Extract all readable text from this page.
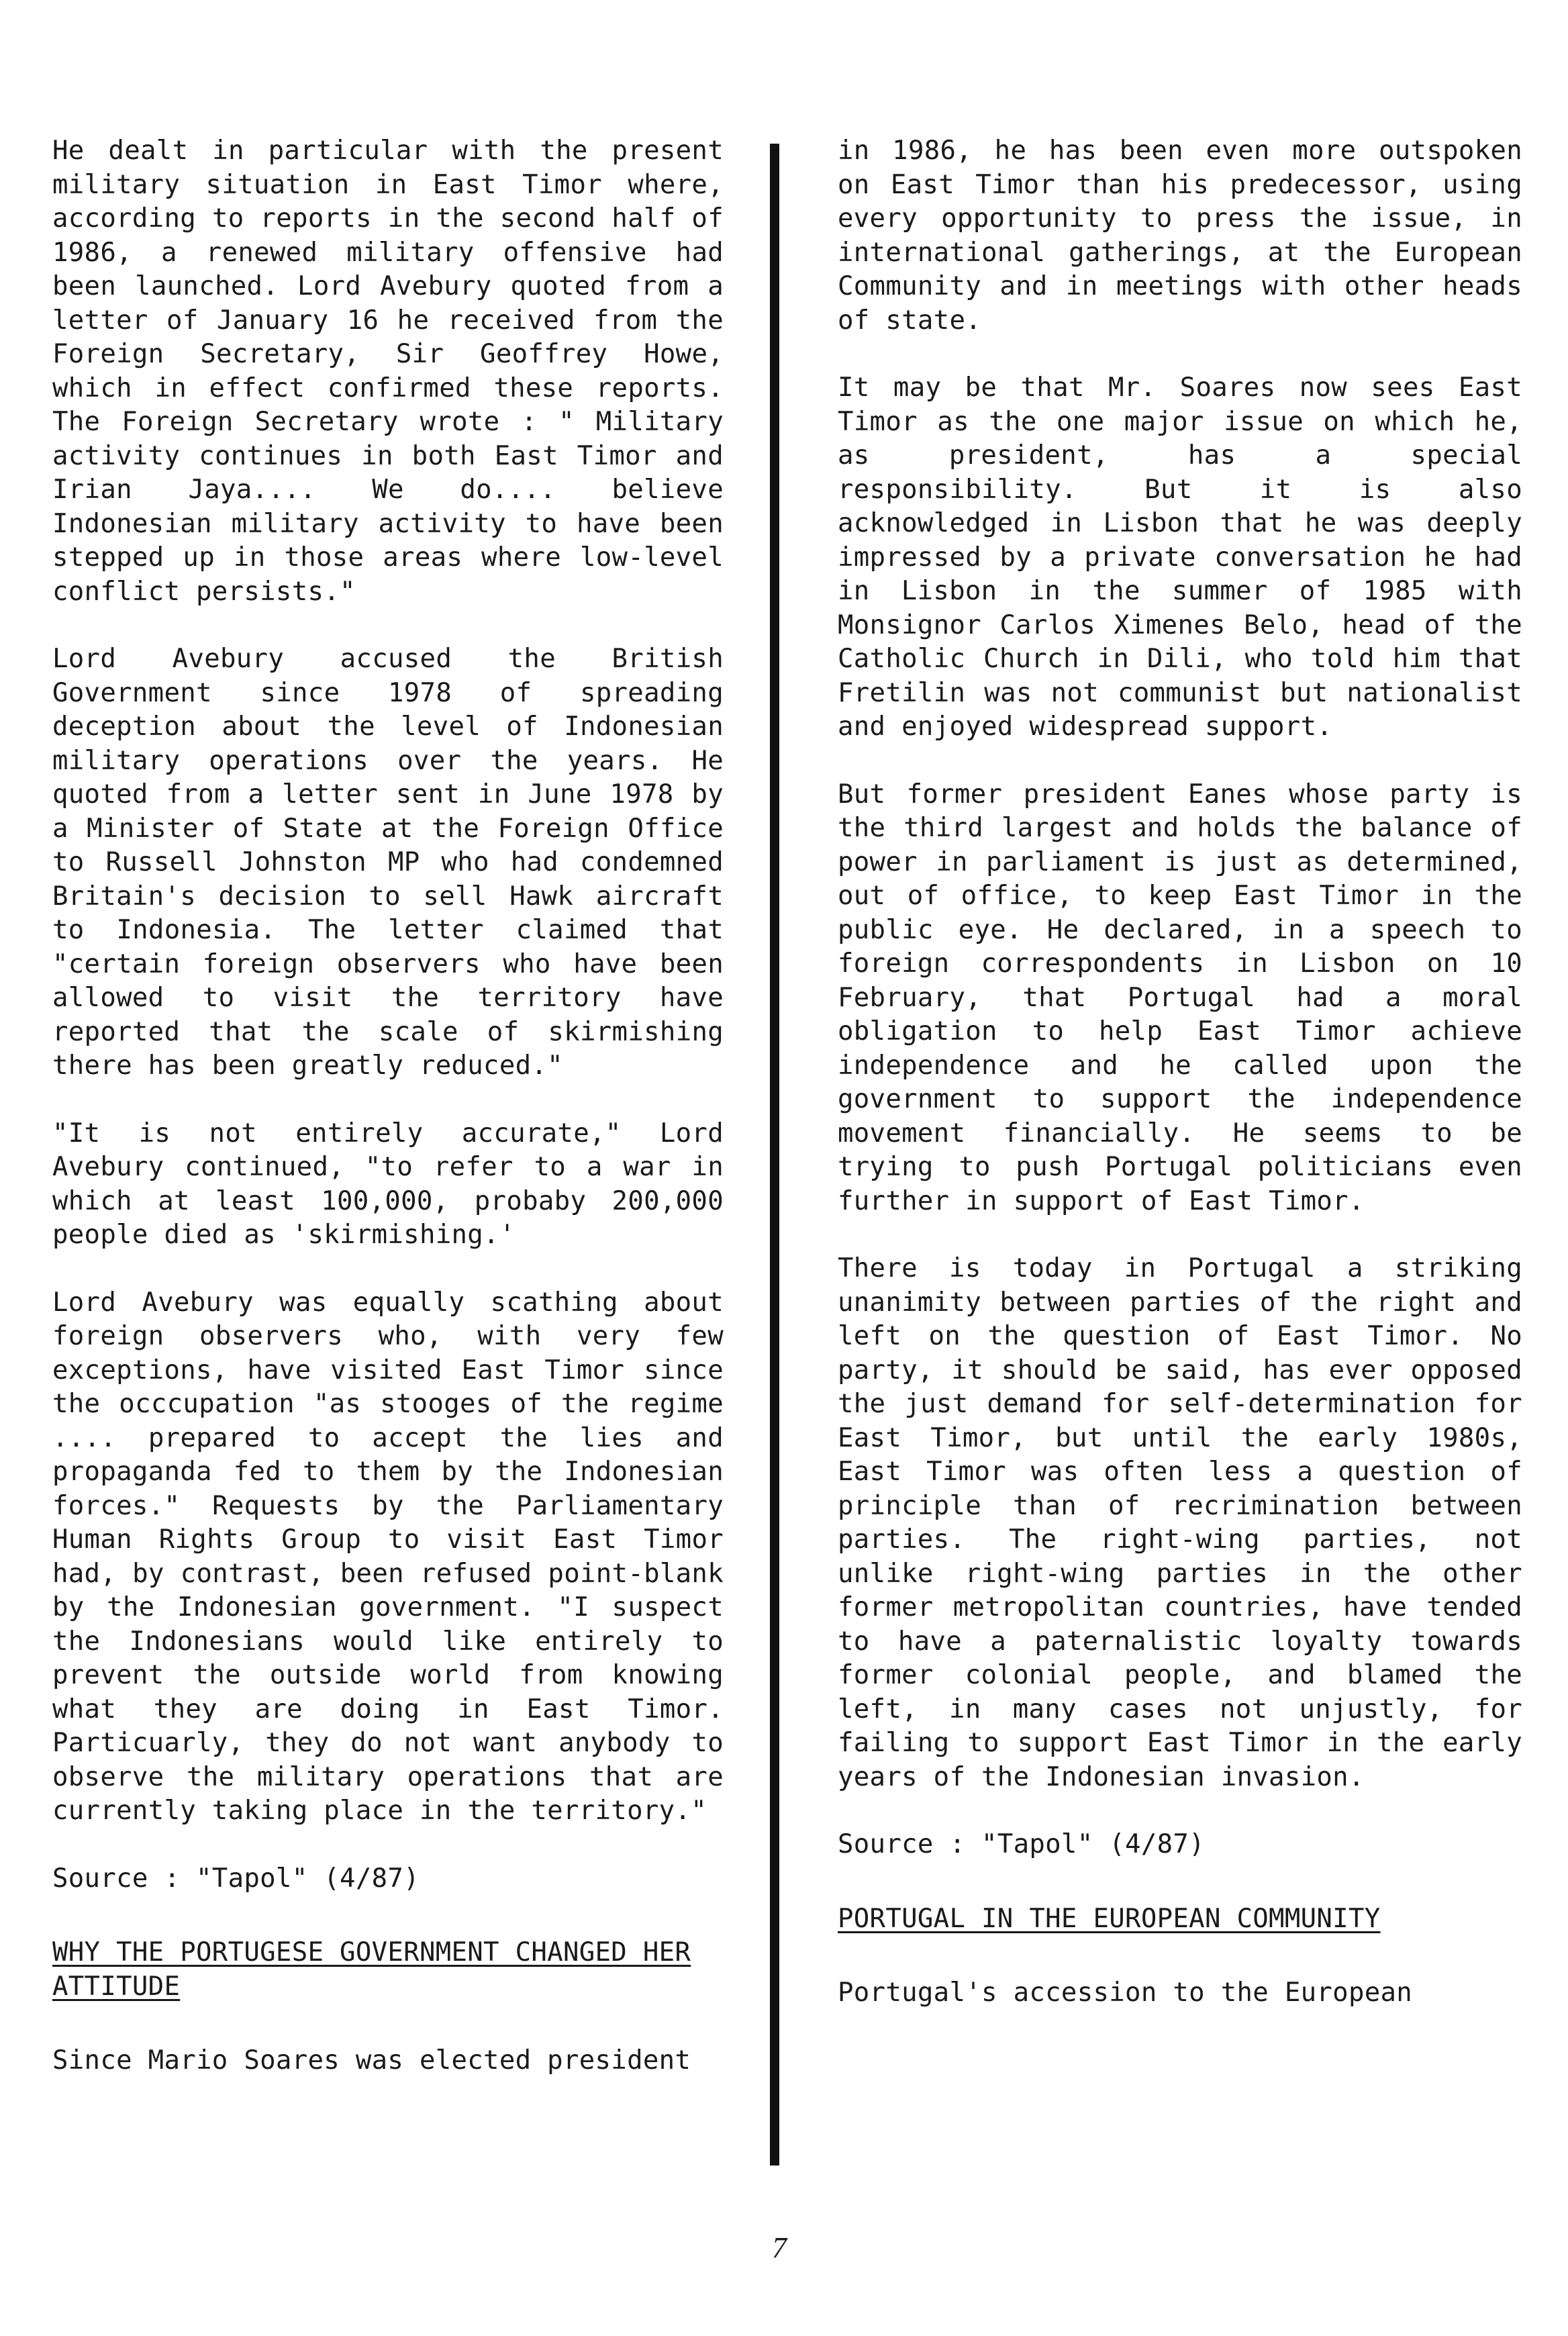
He dealt in particular with the present military situation in East Timor where, according to reports in the second half of 1986, a renewed military offensive had been launched. Lord Avebury quoted from a letter of January 16 he received from the Foreign Secretary, Sir Geoffrey Howe, which in effect confirmed these reports. The Foreign Secretary wrote : " Military activity continues in both East Timor and Irian Jaya.... We do.... believe Indonesian military activity to have been stepped up in those areas where low-level conflict persists."

Lord Avebury accused the British Government since 1978 of spreading deception about the level of Indonesian military operations over the years. He quoted from a letter sent in June 1978 by a Minister of State at the Foreign Office to Russell Johnston MP who had condemned Britain's decision to sell Hawk aircraft to Indonesia. The letter claimed that "certain foreign observers who have been allowed to visit the territory have reported that the scale of skirmishing there has been greatly reduced."

"It is not entirely accurate," Lord Avebury continued, "to refer to a war in which at least 100,000, probaby 200,000 people died as 'skirmishing.'

Lord Avebury was equally scathing about foreign observers who, with very few exceptions, have visited East Timor since the occcupation "as stooges of the regime .... prepared to accept the lies and propaganda fed to them by the Indonesian forces." Requests by the Parliamentary Human Rights Group to visit East Timor had, by contrast, been refused point-blank by the Indonesian government. "I suspect the Indonesians would like entirely to prevent the outside world from knowing what they are doing in East Timor. Particuarly, they do not want anybody to observe the military operations that are currently taking place in the territory."

Source : "Tapol" (4/87)

WHY THE PORTUGESE GOVERNMENT CHANGED HER ATTITUDE

Since Mario Soares was elected president

in 1986, he has been even more outspoken on East Timor than his predecessor, using every opportunity to press the issue, in international gatherings, at the European Community and in meetings with other heads of state.

It may be that Mr. Soares now sees East Timor as the one major issue on which he, as president, has a special responsibility. But it is also acknowledged in Lisbon that he was deeply impressed by a private conversation he had in Lisbon in the summer of 1985 with Monsignor Carlos Ximenes Belo, head of the Catholic Church in Dili, who told him that Fretilin was not communist but nationalist and enjoyed widespread support.

But former president Eanes whose party is the third largest and holds the balance of power in parliament is just as determined, out of office, to keep East Timor in the public eye. He declared, in a speech to foreign correspondents in Lisbon on 10 February, that Portugal had a moral obligation to help East Timor achieve independence and he called upon the government to support the independence movement financially. He seems to be trying to push Portugal politicians even further in support of East Timor.

There is today in Portugal a striking unanimity between parties of the right and left on the question of East Timor. No party, it should be said, has ever opposed the just demand for self-determination for East Timor, but until the early 1980s, East Timor was often less a question of principle than of recrimination between parties. The right-wing parties, not unlike right-wing parties in the other former metropolitan countries, have tended to have a paternalistic loyalty towards former colonial people, and blamed the left, in many cases not unjustly, for failing to support East Timor in the early years of the Indonesian invasion.

Source : "Tapol" (4/87)

PORTUGAL IN THE EUROPEAN COMMUNITY

Portugal's accession to the European

7
